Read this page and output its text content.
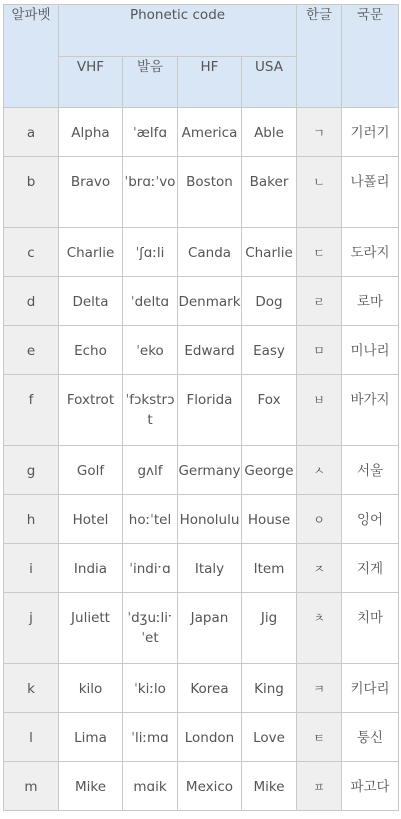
알파벳	Phonetic code				한글	국문
	VHF	발음	HF	USA		
a	Alpha	ˈælfɑ	America	Able	ㄱ	기러기
b	Bravo	ˈbrɑːˈvo	Boston	Baker	ㄴ	나폴리
c	Charlie	ˈʃɑːli	Canda	Charlie	ㄷ	도라지
d	Delta	ˈdeltɑ	Denmark	Dog	ㄹ	로마
e	Echo	ˈeko	Edward	Easy	ㅁ	미나리
f	Foxtrot	ˈfɔkstrɔt	Florida	Fox	ㅂ	바가지
g	Golf	gʌlf	Germany	George	ㅅ	서울
h	Hotel	hoːˈtel	Honolulu	House	ㅇ	잉어
i	India	ˈindiˑɑ	Italy	Item	ㅈ	지게
j	Juliett	ˈdʒuːliˑˈet	Japan	Jig	ㅊ	치마
k	kilo	ˈkiːlo	Korea	King	ㅋ	키다리
l	Lima	ˈliːmɑ	London	Love	ㅌ	퉁신
m	Mike	mɑik	Mexico	Mike	ㅍ	파고다
